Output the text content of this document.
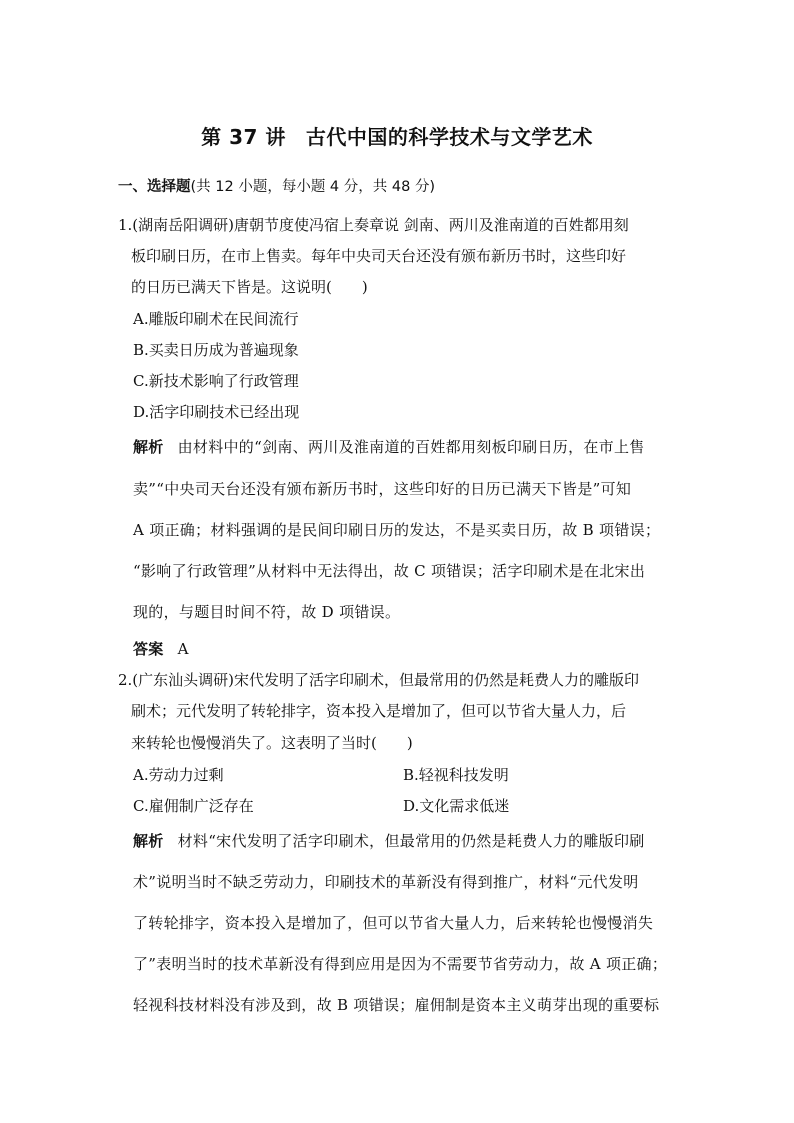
第 37 讲 古代中国的科学技术与文学艺术
一、选择题(共 12 小题，每小题 4 分，共 48 分)
1.(湖南岳阳调研)唐朝节度使冯宿上奏章说 剑南、两川及淮南道的百姓都用刻
板印刷日历，在市上售卖。每年中央司天台还没有颁布新历书时，这些印好
的日历已满天下皆是。这说明(　　)
A.雕版印刷术在民间流行
B.买卖日历成为普遍现象
C.新技术影响了行政管理
D.活字印刷技术已经出现
解析 由材料中的“剑南、两川及淮南道的百姓都用刻板印刷日历，在市上售
卖”“中央司天台还没有颁布新历书时，这些印好的日历已满天下皆是”可知
A 项正确；材料强调的是民间印刷日历的发达，不是买卖日历，故 B 项错误；
“影响了行政管理”从材料中无法得出，故 C 项错误；活字印刷术是在北宋出
现的，与题目时间不符，故 D 项错误。
答案 A
2.(广东汕头调研)宋代发明了活字印刷术，但最常用的仍然是耗费人力的雕版印
刷术；元代发明了转轮排字，资本投入是增加了，但可以节省大量人力，后
来转轮也慢慢消失了。这表明了当时(　　)
A.劳动力过剩	B.轻视科技发明
C.雇佣制广泛存在	D.文化需求低迷
解析 材料“宋代发明了活字印刷术，但最常用的仍然是耗费人力的雕版印刷
术”说明当时不缺乏劳动力，印刷技术的革新没有得到推广，材料“元代发明
了转轮排字，资本投入是增加了，但可以节省大量人力，后来转轮也慢慢消失
了”表明当时的技术革新没有得到应用是因为不需要节省劳动力，故 A 项正确；
轻视科技材料没有涉及到，故 B 项错误；雇佣制是资本主义萌芽出现的重要标
